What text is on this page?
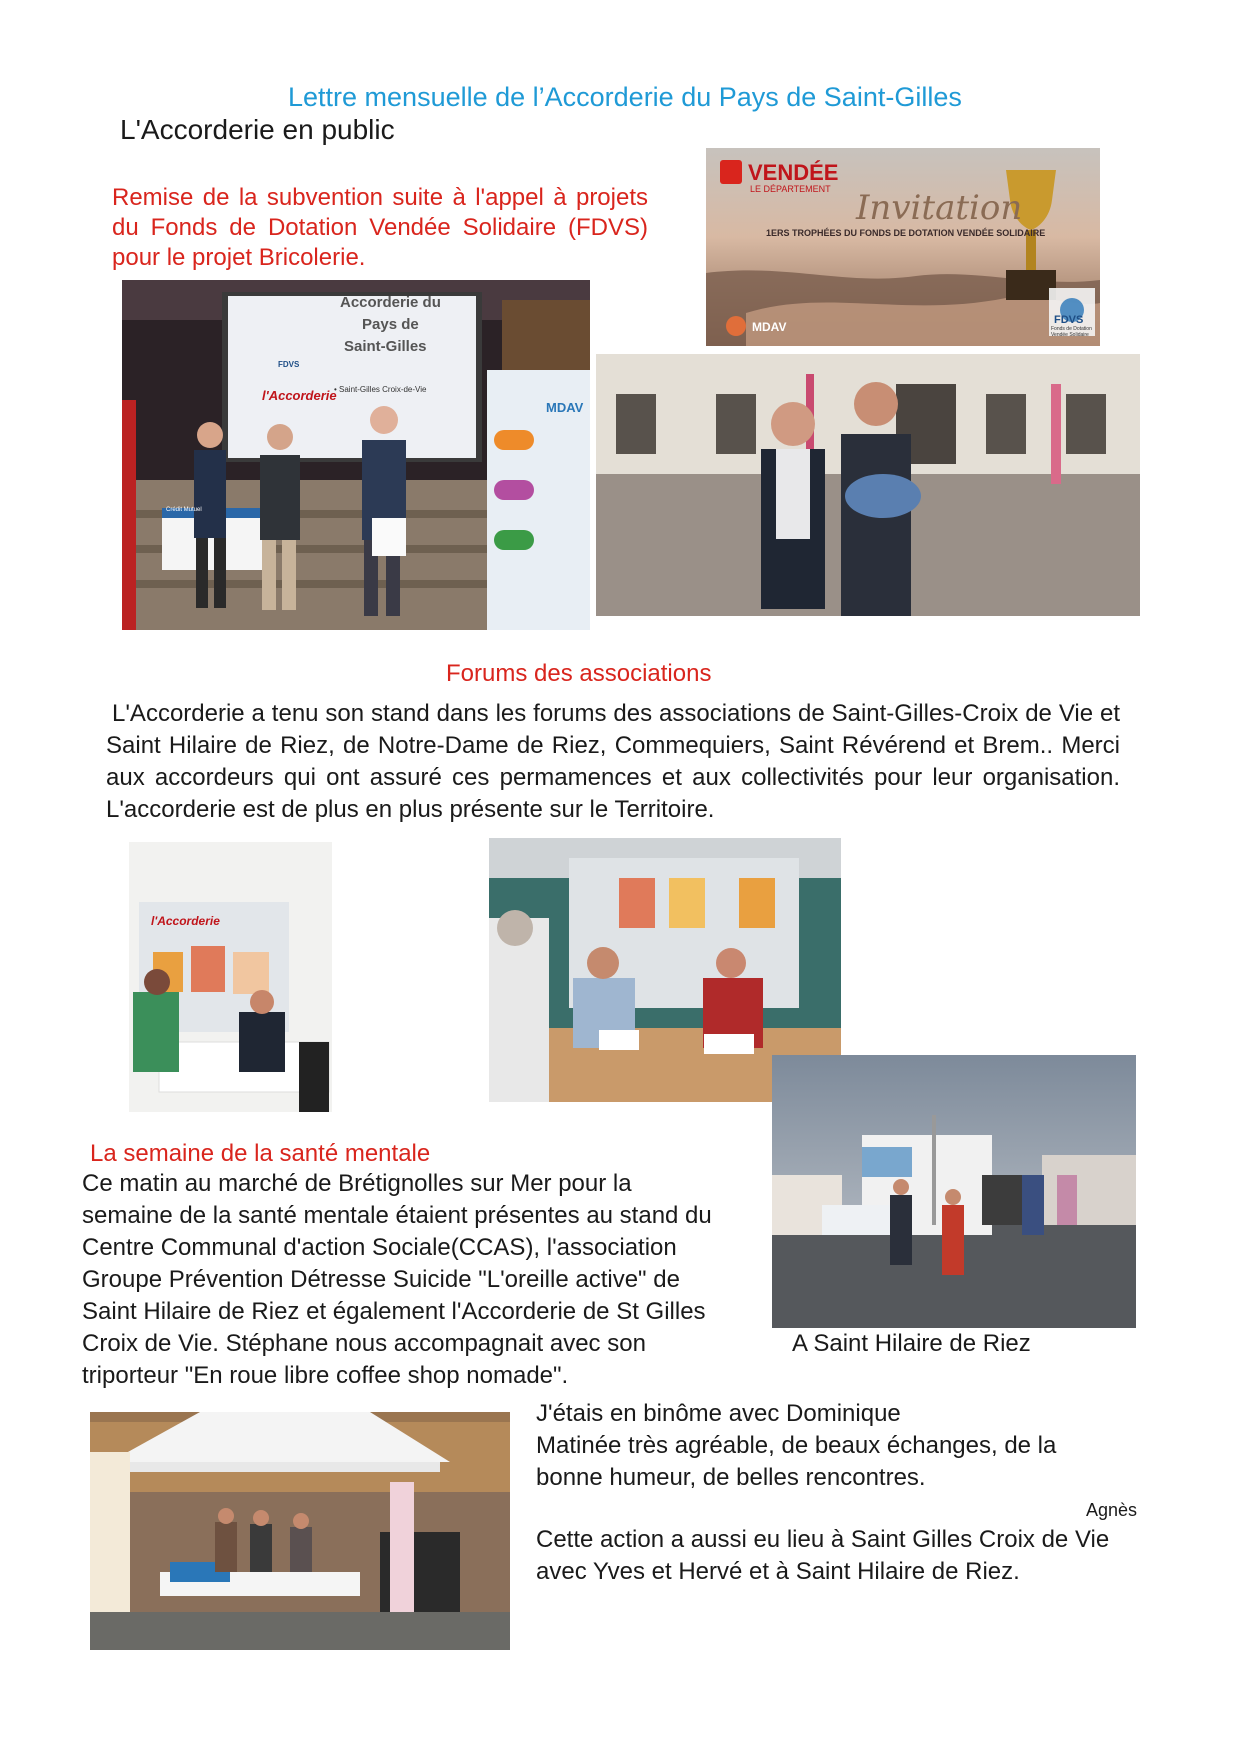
Lettre mensuelle de l’Accorderie du Pays de Saint-Gilles
L'Accorderie en public
Remise de la subvention suite à l'appel à projets du Fonds de Dotation Vendée Solidaire (FDVS) pour le projet Bricolerie.
VENDÉE
LE DÉPARTEMENT Invitation
1ERS TROPHÉES DU FONDS DE DOTATION VENDÉE SOLIDAIRE
MDAV	FDVS
Fonds de Dotation Vendée Solidaire
Accorderie du
Pays de
Saint-Gilles
• Saint-Gilles Croix-de-Vie
FDVS
l'Accorderie
MDAV
Crédit Mutuel
Forums des associations
L'Accorderie a tenu son stand dans les forums des associations de Saint-Gilles-Croix de Vie et Saint Hilaire de Riez, de Notre-Dame de Riez, Commequiers, Saint Révérend et Brem.. Merci aux accordeurs qui ont assuré ces permamences et aux collectivités pour leur organisation. L'accorderie est de plus en plus présente sur le Territoire.
l'Accorderie
La semaine de la santé mentale
Ce matin au marché de Brétignolles sur Mer pour la
semaine de la santé mentale étaient présentes au stand du
Centre Communal d'action Sociale(CCAS), l'association
Groupe Prévention Détresse Suicide "L'oreille active" de
Saint Hilaire de Riez et également l'Accorderie de St Gilles
Croix de Vie. Stéphane nous accompagnait avec son
triporteur "En roue libre coffee shop nomade".
A Saint Hilaire de Riez
J'étais en binôme avec Dominique
Matinée très agréable, de beaux échanges, de la
bonne humeur, de belles rencontres.
Agnès
Cette action a aussi eu lieu à Saint Gilles Croix de Vie
avec Yves et Hervé et à Saint Hilaire de Riez.
